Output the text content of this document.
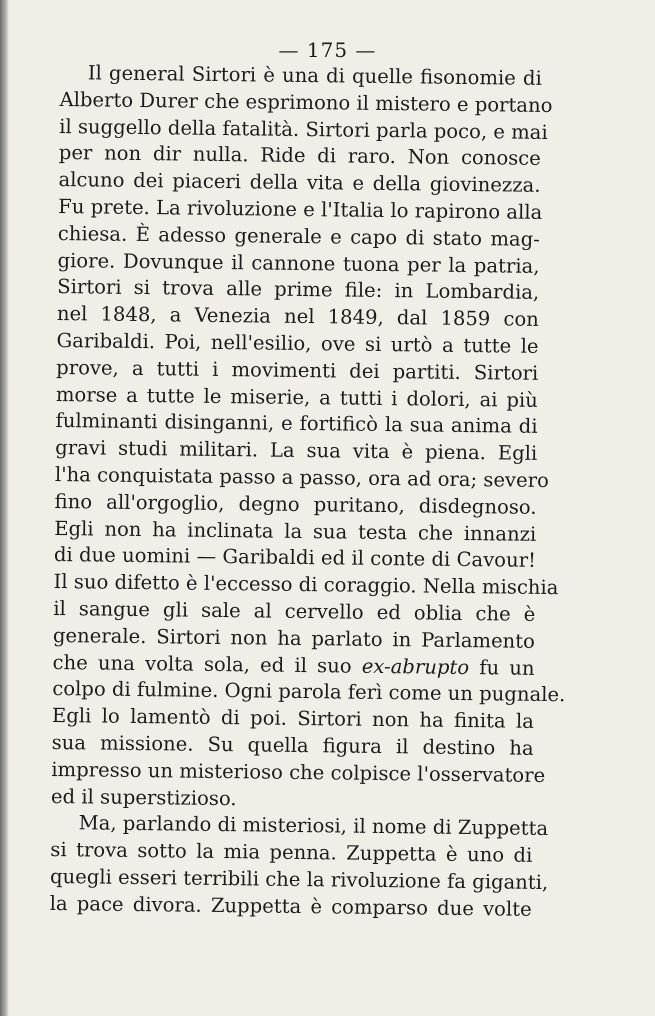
— 175 —
Il general Sirtori è una di quelle fisonomie di
Alberto Durer che esprimono il mistero e portano
il suggello della fatalità. Sirtori parla poco, e mai
per non dir nulla. Ride di raro. Non conosce
alcuno dei piaceri della vita e della giovinezza.
Fu prete. La rivoluzione e l'Italia lo rapirono alla
chiesa. È adesso generale e capo di stato mag-
giore. Dovunque il cannone tuona per la patria,
Sirtori si trova alle prime file: in Lombardia,
nel 1848, a Venezia nel 1849, dal 1859 con
Garibaldi. Poi, nell'esilio, ove si urtò a tutte le
prove, a tutti i movimenti dei partiti. Sirtori
morse a tutte le miserie, a tutti i dolori, ai più
fulminanti disinganni, e fortificò la sua anima di
gravi studi militari. La sua vita è piena. Egli
l'ha conquistata passo a passo, ora ad ora; severo
fino all'orgoglio, degno puritano, disdegnoso.
Egli non ha inclinata la sua testa che innanzi
di due uomini — Garibaldi ed il conte di Cavour!
Il suo difetto è l'eccesso di coraggio. Nella mischia
il sangue gli sale al cervello ed oblia che è
generale. Sirtori non ha parlato in Parlamento
che una volta sola, ed il suo ex-abrupto fu un
colpo di fulmine. Ogni parola ferì come un pugnale.
Egli lo lamentò di poi. Sirtori non ha finita la
sua missione. Su quella figura il destino ha
impresso un misterioso che colpisce l'osservatore
ed il superstizioso.
Ma, parlando di misteriosi, il nome di Zuppetta
si trova sotto la mia penna. Zuppetta è uno di
quegli esseri terribili che la rivoluzione fa giganti,
la pace divora. Zuppetta è comparso due volte
